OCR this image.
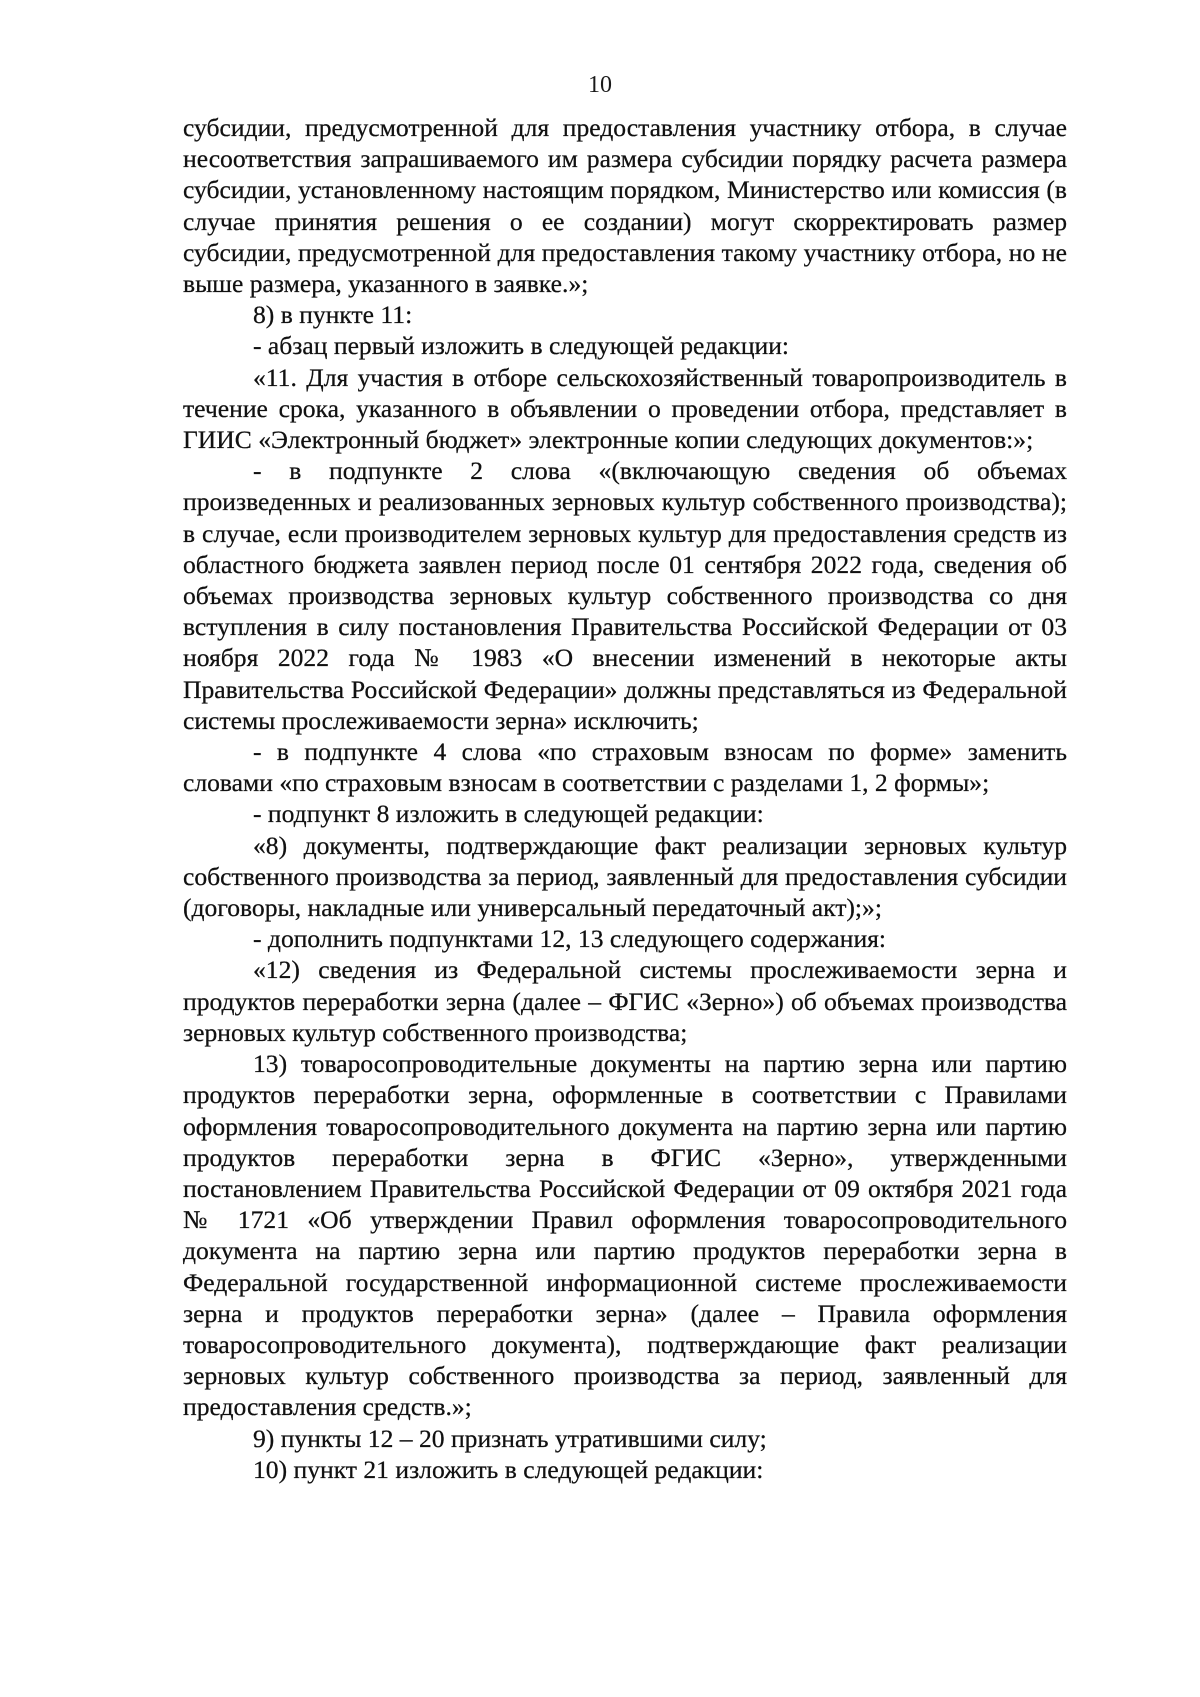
10

субсидии, предусмотренной для предоставления участнику отбора, в случае несоответствия запрашиваемого им размера субсидии порядку расчета размера субсидии, установленному настоящим порядком, Министерство или комиссия (в случае принятия решения о ее создании) могут скорректировать размер субсидии, предусмотренной для предоставления такому участнику отбора, но не выше размера, указанного в заявке.»;

8) в пункте 11:

- абзац первый изложить в следующей редакции:

«11. Для участия в отборе сельскохозяйственный товаропроизводитель в течение срока, указанного в объявлении о проведении отбора, представляет в ГИИС «Электронный бюджет» электронные копии следующих документов:»;

- в подпункте 2 слова «(включающую сведения об объемах произведенных и реализованных зерновых культур собственного производства); в случае, если производителем зерновых культур для предоставления средств из областного бюджета заявлен период после 01 сентября 2022 года, сведения об объемах производства зерновых культур собственного производства со дня вступления в силу постановления Правительства Российской Федерации от 03 ноября 2022 года № 1983 «О внесении изменений в некоторые акты Правительства Российской Федерации» должны представляться из Федеральной системы прослеживаемости зерна» исключить;

- в подпункте 4 слова «по страховым взносам по форме» заменить словами «по страховым взносам в соответствии с разделами 1, 2 формы»;

- подпункт 8 изложить в следующей редакции:

«8) документы, подтверждающие факт реализации зерновых культур собственного производства за период, заявленный для предоставления субсидии (договоры, накладные или универсальный передаточный акт);»;

- дополнить подпунктами 12, 13 следующего содержания:

«12) сведения из Федеральной системы прослеживаемости зерна и продуктов переработки зерна (далее – ФГИС «Зерно») об объемах производства зерновых культур собственного производства;

13) товаросопроводительные документы на партию зерна или партию продуктов переработки зерна, оформленные в соответствии с Правилами оформления товаросопроводительного документа на партию зерна или партию продуктов переработки зерна в ФГИС «Зерно», утвержденными постановлением Правительства Российской Федерации от 09 октября 2021 года № 1721 «Об утверждении Правил оформления товаросопроводительного документа на партию зерна или партию продуктов переработки зерна в Федеральной государственной информационной системе прослеживаемости зерна и продуктов переработки зерна» (далее – Правила оформления товаросопроводительного документа), подтверждающие факт реализации зерновых культур собственного производства за период, заявленный для предоставления средств.»;

9) пункты 12 – 20 признать утратившими силу;

10) пункт 21 изложить в следующей редакции:
